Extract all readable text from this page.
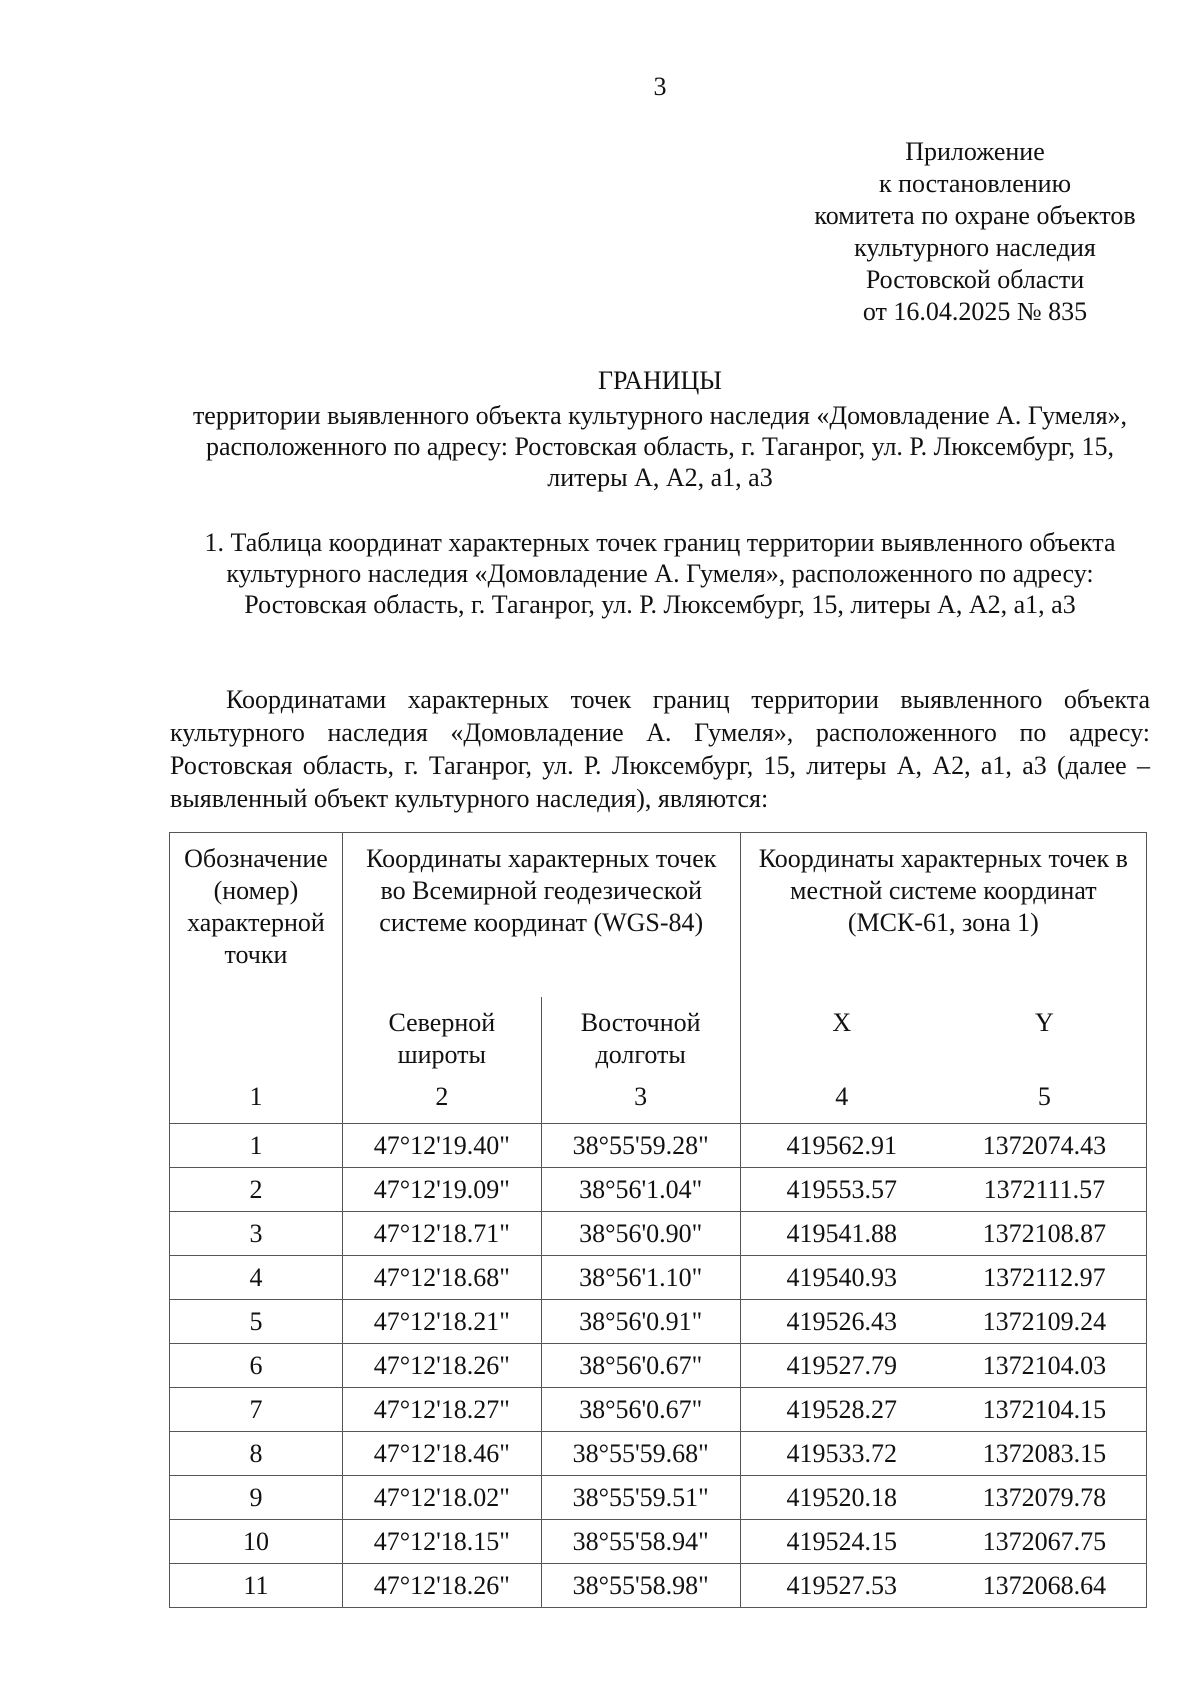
3
Приложение
к постановлению
комитета по охране объектов
культурного наследия
Ростовской области
от 16.04.2025 № 835
ГРАНИЦЫ
территории выявленного объекта культурного наследия «Домовладение А. Гумеля», расположенного по адресу: Ростовская область, г. Таганрог, ул. Р. Люксембург, 15, литеры А, А2, а1, а3
1. Таблица координат характерных точек границ территории выявленного объекта культурного наследия «Домовладение А. Гумеля», расположенного по адресу: Ростовская область, г. Таганрог, ул. Р. Люксембург, 15, литеры А, А2, а1, а3
Координатами характерных точек границ территории выявленного объекта культурного наследия «Домовладение А. Гумеля», расположенного по адресу: Ростовская область, г. Таганрог, ул. Р. Люксембург, 15, литеры А, А2, а1, а3 (далее – выявленный объект культурного наследия), являются:
Обозначение (номер) характерной точки	Координаты характерных точек во Всемирной геодезической системе координат (WGS-84)		Координаты характерных точек в местной системе координат (МСК-61, зона 1)	

	Северной широты	Восточной долготы	X	Y
1	2	3	4	5
1	47°12'19.40"	38°55'59.28"	419562.91	1372074.43
2	47°12'19.09"	38°56'1.04"	419553.57	1372111.57
3	47°12'18.71"	38°56'0.90"	419541.88	1372108.87
4	47°12'18.68"	38°56'1.10"	419540.93	1372112.97
5	47°12'18.21"	38°56'0.91"	419526.43	1372109.24
6	47°12'18.26"	38°56'0.67"	419527.79	1372104.03
7	47°12'18.27"	38°56'0.67"	419528.27	1372104.15
8	47°12'18.46"	38°55'59.68"	419533.72	1372083.15
9	47°12'18.02"	38°55'59.51"	419520.18	1372079.78
10	47°12'18.15"	38°55'58.94"	419524.15	1372067.75
11	47°12'18.26"	38°55'58.98"	419527.53	1372068.64
